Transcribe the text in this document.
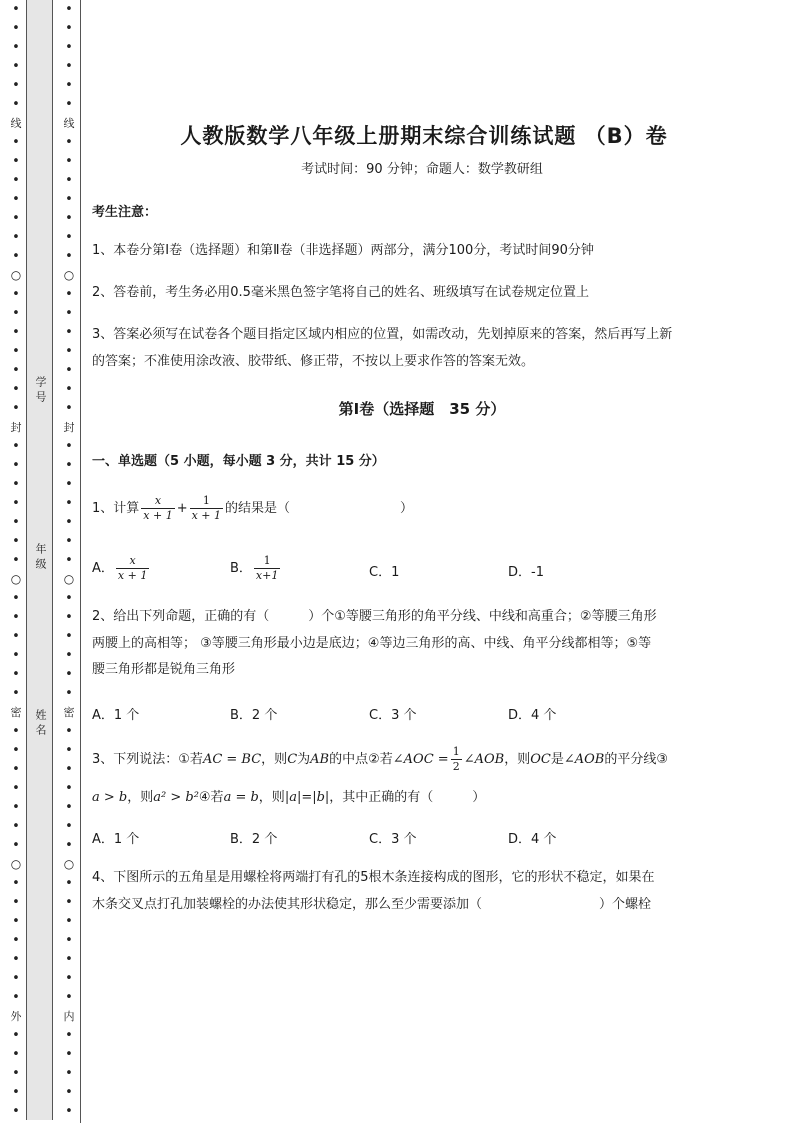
•
•
•
•
•
•
线
•
•
•
•
•
•
•
○
•
•
•
•
•
•
•
封
•
•
•
•
•
•
•
○
•
•
•
•
•
•
密
•
•
•
•
•
•
•
○
•
•
•
•
•
•
•
外
•
•
•
•
•
•
•
•
•
•
•
线
•
•
•
•
•
•
•
○
•
•
•
•
•
•
•
封
•
•
•
•
•
•
•
○
•
•
•
•
•
•
密
•
•
•
•
•
•
•
○
•
•
•
•
•
•
•
内
•
•
•
•
•
学号
年级
姓名
人教版数学八年级上册期末综合训练试题 （B）卷
考试时间：90 分钟；命题人：数学教研组
考生注意：
1、本卷分第Ⅰ卷（选择题）和第Ⅱ卷（非选择题）两部分，满分100分，考试时间90分钟
2、答卷前，考生务必用0.5毫米黑色签字笔将自己的姓名、班级填写在试卷规定位置上
3、答案必须写在试卷各个题目指定区域内相应的位置，如需改动，先划掉原来的答案，然后再写上新
的答案；不准使用涂改液、胶带纸、修正带，不按以上要求作答的答案无效。
第Ⅰ卷（选择题　35 分）
一、单选题（5 小题，每小题 3 分，共计 15 分）
1、计算 $\frac{x}{x + 1} + \frac{1}{x + 1}$ 的结果是（	）
A． $\frac{x}{x + 1}$	B． $\frac{1}{x+1}$	C．1	D．-1
2、给出下列命题，正确的有（　　　）个①等腰三角形的角平分线、中线和高重合；②等腰三角形
两腰上的高相等； ③等腰三角形最小边是底边；④等边三角形的高、中线、角平分线都相等；⑤等
腰三角形都是锐角三角形
A．1 个	B．2 个	C．3 个	D．4 个
3、下列说法：①若AC = BC，则C为AB的中点②若∠AOC = $\frac{1}{2}$ ∠AOB，则OC是∠AOB的平分线③
a > b，则a² > b²④若a = b，则|a|=|b|，其中正确的有（　　　）
A．1 个	B．2 个	C．3 个	D．4 个
4、下图所示的五角星是用螺栓将两端打有孔的5根木条连接构成的图形，它的形状不稳定，如果在
木条交叉点打孔加装螺栓的办法使其形状稳定，那么至少需要添加（　　　　　　　　　）个螺栓
